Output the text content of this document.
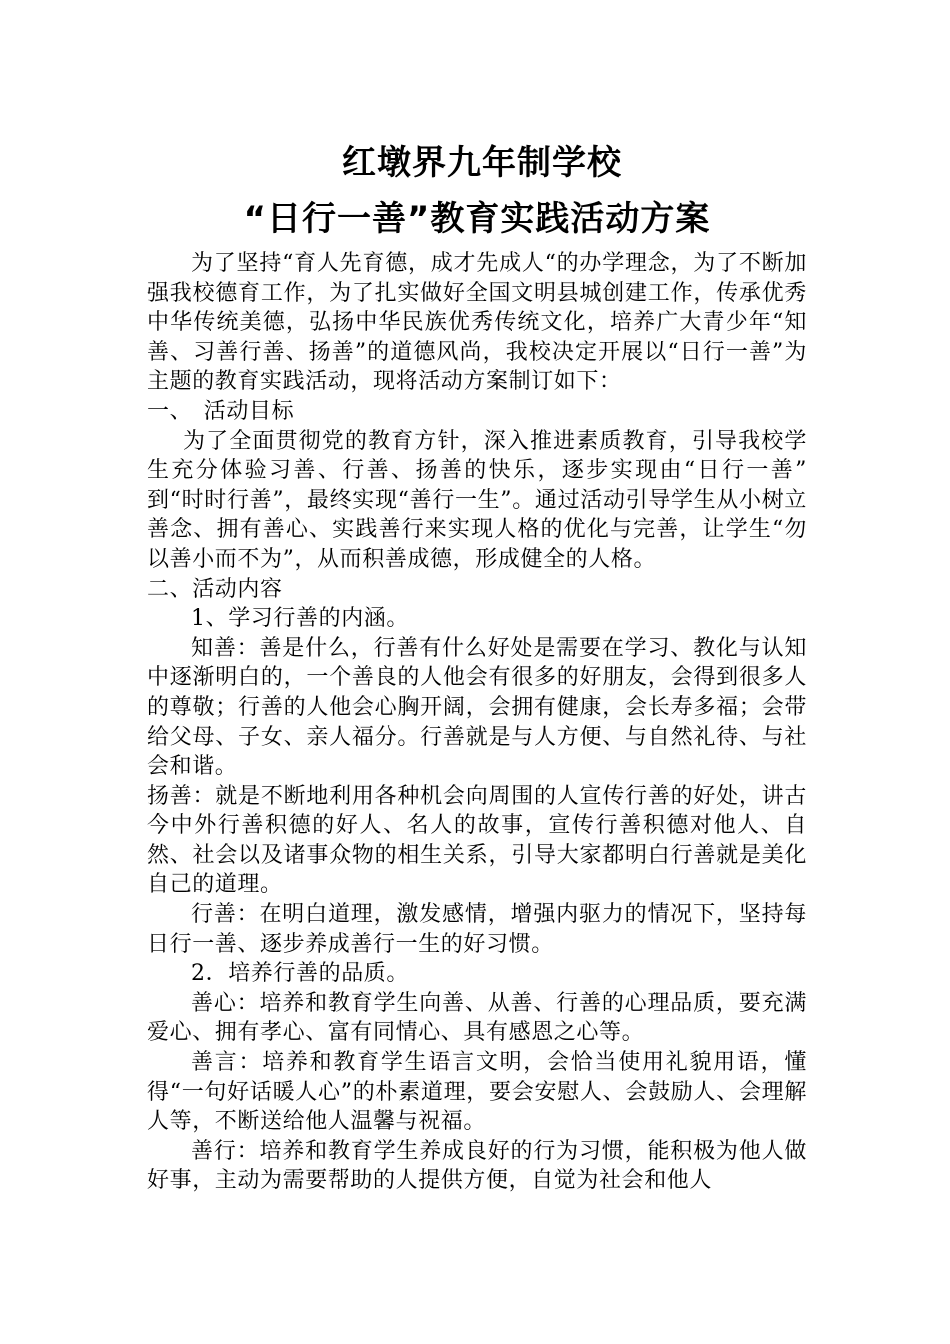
红墩界九年制学校
“日行一善”教育实践活动方案

为了坚持“育人先育德，成才先成人“的办学理念，为了不断加强我校德育工作，为了扎实做好全国文明县城创建工作，传承优秀中华传统美德，弘扬中华民族优秀传统文化，培养广大青少年“知善、习善行善、扬善”的道德风尚，我校决定开展以“日行一善”为主题的教育实践活动，现将活动方案制订如下：

一、　活动目标

为了全面贯彻党的教育方针，深入推进素质教育，引导我校学生充分体验习善、行善、扬善的快乐，逐步实现由“日行一善”　到“时时行善”，最终实现“善行一生”。通过活动引导学生从小树立善念、拥有善心、实践善行来实现人格的优化与完善，让学生“勿以善小而不为”，从而积善成德，形成健全的人格。

二、活动内容

1、学习行善的内涵。

知善：善是什么，行善有什么好处是需要在学习、教化与认知中逐渐明白的，一个善良的人他会有很多的好朋友，会得到很多人的尊敬；行善的人他会心胸开阔，会拥有健康，会长寿多福；会带给父母、子女、亲人福分。行善就是与人方便、与自然礼待、与社会和谐。

扬善：就是不断地利用各种机会向周围的人宣传行善的好处，讲古今中外行善积德的好人、名人的故事，宣传行善积德对他人、自然、社会以及诸事众物的相生关系，引导大家都明白行善就是美化自己的道理。

行善：在明白道理，激发感情，增强内驱力的情况下，坚持每日行一善、逐步养成善行一生的好习惯。

2．培养行善的品质。

善心：培养和教育学生向善、从善、行善的心理品质，要充满爱心、拥有孝心、富有同情心、具有感恩之心等。

善言：培养和教育学生语言文明，会恰当使用礼貌用语，懂得“一句好话暖人心”的朴素道理，要会安慰人、会鼓励人、会理解人等，不断送给他人温馨与祝福。

善行：培养和教育学生养成良好的行为习惯，能积极为他人做好事，主动为需要帮助的人提供方便，自觉为社会和他人
